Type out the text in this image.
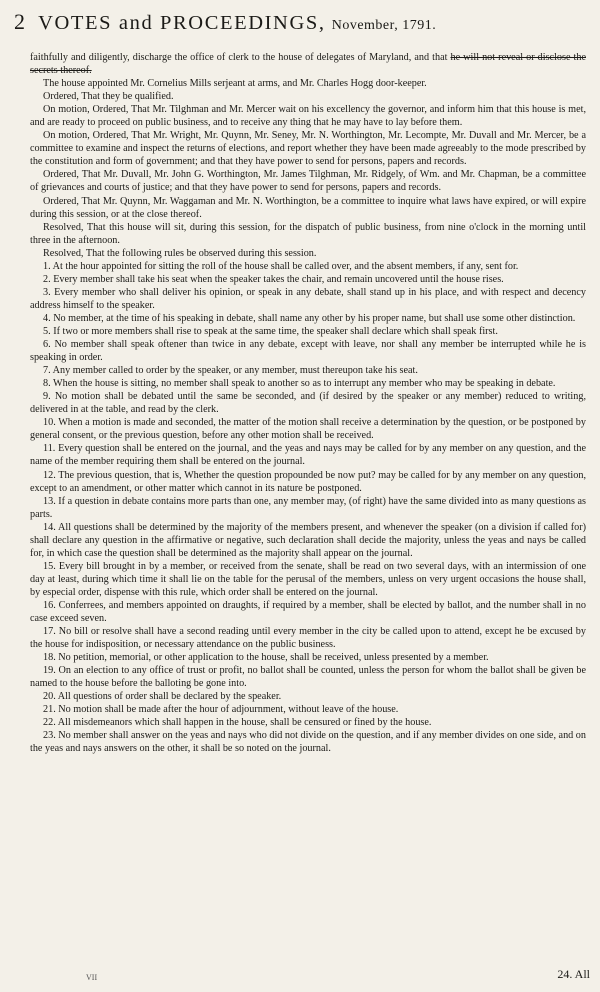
2 VOTES and PROCEEDINGS, November, 1791.

faithfully and diligently, discharge the office of clerk to the house of delegates of Maryland, and that he will not reveal or disclose the secrets thereof.

The house appointed Mr. Cornelius Mills serjeant at arms, and Mr. Charles Hogg door-keeper.

Ordered, That they be qualified.

On motion, Ordered, That Mr. Tilghman and Mr. Mercer wait on his excellency the governor, and inform him that this house is met, and are ready to proceed on public business, and to receive any thing that he may have to lay before them.

On motion, Ordered, That Mr. Wright, Mr. Quynn, Mr. Seney, Mr. N. Worthington, Mr. Lecompte, Mr. Duvall and Mr. Mercer, be a committee to examine and inspect the returns of elections, and report whether they have been made agreeably to the mode prescribed by the constitution and form of government; and that they have power to send for persons, papers and records.

Ordered, That Mr. Duvall, Mr. John G. Worthington, Mr. James Tilghman, Mr. Ridgely, of Wm. and Mr. Chapman, be a committee of grievances and courts of justice; and that they have power to send for persons, papers and records.

Ordered, That Mr. Quynn, Mr. Waggaman and Mr. N. Worthington, be a committee to inquire what laws have expired, or will expire during this session, or at the close thereof.

Resolved, That this house will sit, during this session, for the dispatch of public business, from nine o'clock in the morning until three in the afternoon.

Resolved, That the following rules be observed during this session.

1. At the hour appointed for sitting the roll of the house shall be called over, and the absent members, if any, sent for.

2. Every member shall take his seat when the speaker takes the chair, and remain uncovered until the house rises.

3. Every member who shall deliver his opinion, or speak in any debate, shall stand up in his place, and with respect and decency address himself to the speaker.

4. No member, at the time of his speaking in debate, shall name any other by his proper name, but shall use some other distinction.

5. If two or more members shall rise to speak at the same time, the speaker shall declare which shall speak first.

6. No member shall speak oftener than twice in any debate, except with leave, nor shall any member be interrupted while he is speaking in order.

7. Any member called to order by the speaker, or any member, must thereupon take his seat.

8. When the house is sitting, no member shall speak to another so as to interrupt any member who may be speaking in debate.

9. No motion shall be debated until the same be seconded, and (if desired by the speaker or any member) reduced to writing, delivered in at the table, and read by the clerk.

10. When a motion is made and seconded, the matter of the motion shall receive a determination by the question, or be postponed by general consent, or the previous question, before any other motion shall be received.

11. Every question shall be entered on the journal, and the yeas and nays may be called for by any member on any question, and the name of the member requiring them shall be entered on the journal.

12. The previous question, that is, Whether the question propounded be now put? may be called for by any member on any question, except to an amendment, or other matter which cannot in its nature be postponed.

13. If a question in debate contains more parts than one, any member may, (of right) have the same divided into as many questions as parts.

14. All questions shall be determined by the majority of the members present, and whenever the speaker (on a division if called for) shall declare any question in the affirmative or negative, such declaration shall decide the majority, unless the yeas and nays be called for, in which case the question shall be determined as the majority shall appear on the journal.

15. Every bill brought in by a member, or received from the senate, shall be read on two several days, with an intermission of one day at least, during which time it shall lie on the table for the perusal of the members, unless on very urgent occasions the house shall, by especial order, dispense with this rule, which order shall be entered on the journal.

16. Conferrees, and members appointed on draughts, if required by a member, shall be elected by ballot, and the number shall in no case exceed seven.

17. No bill or resolve shall have a second reading until every member in the city be called upon to attend, except he be excused by the house for indisposition, or necessary attendance on the public business.

18. No petition, memorial, or other application to the house, shall be received, unless presented by a member.

19. On an election to any office of trust or profit, no ballot shall be counted, unless the person for whom the ballot shall be given be named to the house before the balloting be gone into.

20. All questions of order shall be declared by the speaker.

21. No motion shall be made after the hour of adjournment, without leave of the house.

22. All misdemeanors which shall happen in the house, shall be censured or fined by the house.

23. No member shall answer on the yeas and nays who did not divide on the question, and if any member divides on one side, and on the yeas and nays answers on the other, it shall be so noted on the journal.

VII	24. All
